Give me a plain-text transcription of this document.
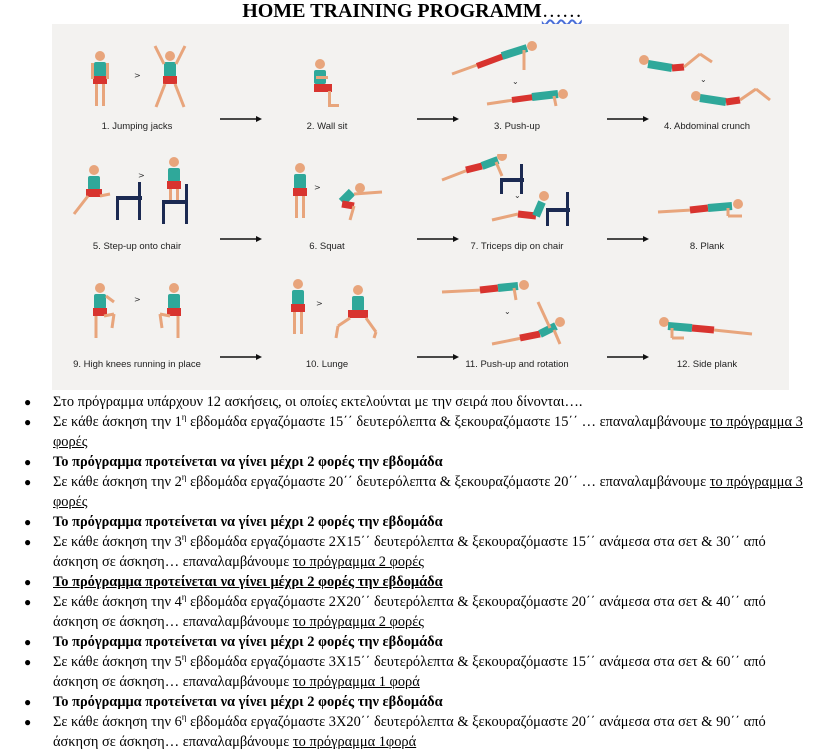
HOME TRAINING PROGRAMM……
>
1. Jumping jacks	2. Wall sit
⌄
3. Push-up
⌄
4. Abdominal crunch
>
5. Step-up onto chair
>
6. Squat
⌄
7. Triceps dip on chair	8. Plank
>
9. High knees running in place
>
10. Lunge
⌄
11. Push-up and rotation	12. Side plank
● Στο πρόγραμμα υπάρχουν 12 ασκήσεις, οι οποίες εκτελούνται με την σειρά που δίνονται….
● Σε κάθε άσκηση την $1^\eta$ εβδομάδα εργαζόμαστε 15΄΄ δευτερόλεπτα & ξεκουραζόμαστε 15΄΄ … επαναλαμβάνουμε το πρόγραμμα 3 φορές
● Το πρόγραμμα προτείνεται να γίνει μέχρι 2 φορές την εβδομάδα
● Σε κάθε άσκηση την $2^\eta$ εβδομάδα εργαζόμαστε 20΄΄ δευτερόλεπτα & ξεκουραζόμαστε 20΄΄ … επαναλαμβάνουμε το πρόγραμμα 3 φορές
● Το πρόγραμμα προτείνεται να γίνει μέχρι 2 φορές την εβδομάδα
● Σε κάθε άσκηση την $3^\eta$ εβδομάδα εργαζόμαστε 2Χ15΄΄ δευτερόλεπτα & ξεκουραζόμαστε 15΄΄ ανάμεσα στα σετ & 30΄΄ από άσκηση σε άσκηση… επαναλαμβάνουμε το πρόγραμμα 2 φορές
● Το πρόγραμμα προτείνεται να γίνει μέχρι 2 φορές την εβδομάδα
● Σε κάθε άσκηση την $4^\eta$ εβδομάδα εργαζόμαστε 2Χ20΄΄ δευτερόλεπτα & ξεκουραζόμαστε 20΄΄ ανάμεσα στα σετ & 40΄΄ από άσκηση σε άσκηση… επαναλαμβάνουμε το πρόγραμμα 2 φορές
● Το πρόγραμμα προτείνεται να γίνει μέχρι 2 φορές την εβδομάδα
● Σε κάθε άσκηση την $5^\eta$ εβδομάδα εργαζόμαστε 3Χ15΄΄ δευτερόλεπτα & ξεκουραζόμαστε 15΄΄ ανάμεσα στα σετ & 60΄΄ από άσκηση σε άσκηση… επαναλαμβάνουμε το πρόγραμμα 1 φορά
● Το πρόγραμμα προτείνεται να γίνει μέχρι 2 φορές την εβδομάδα
● Σε κάθε άσκηση την $6^\eta$ εβδομάδα εργαζόμαστε 3Χ20΄΄ δευτερόλεπτα & ξεκουραζόμαστε 20΄΄ ανάμεσα στα σετ & 90΄΄ από άσκηση σε άσκηση… επαναλαμβάνουμε το πρόγραμμα 1φορά
